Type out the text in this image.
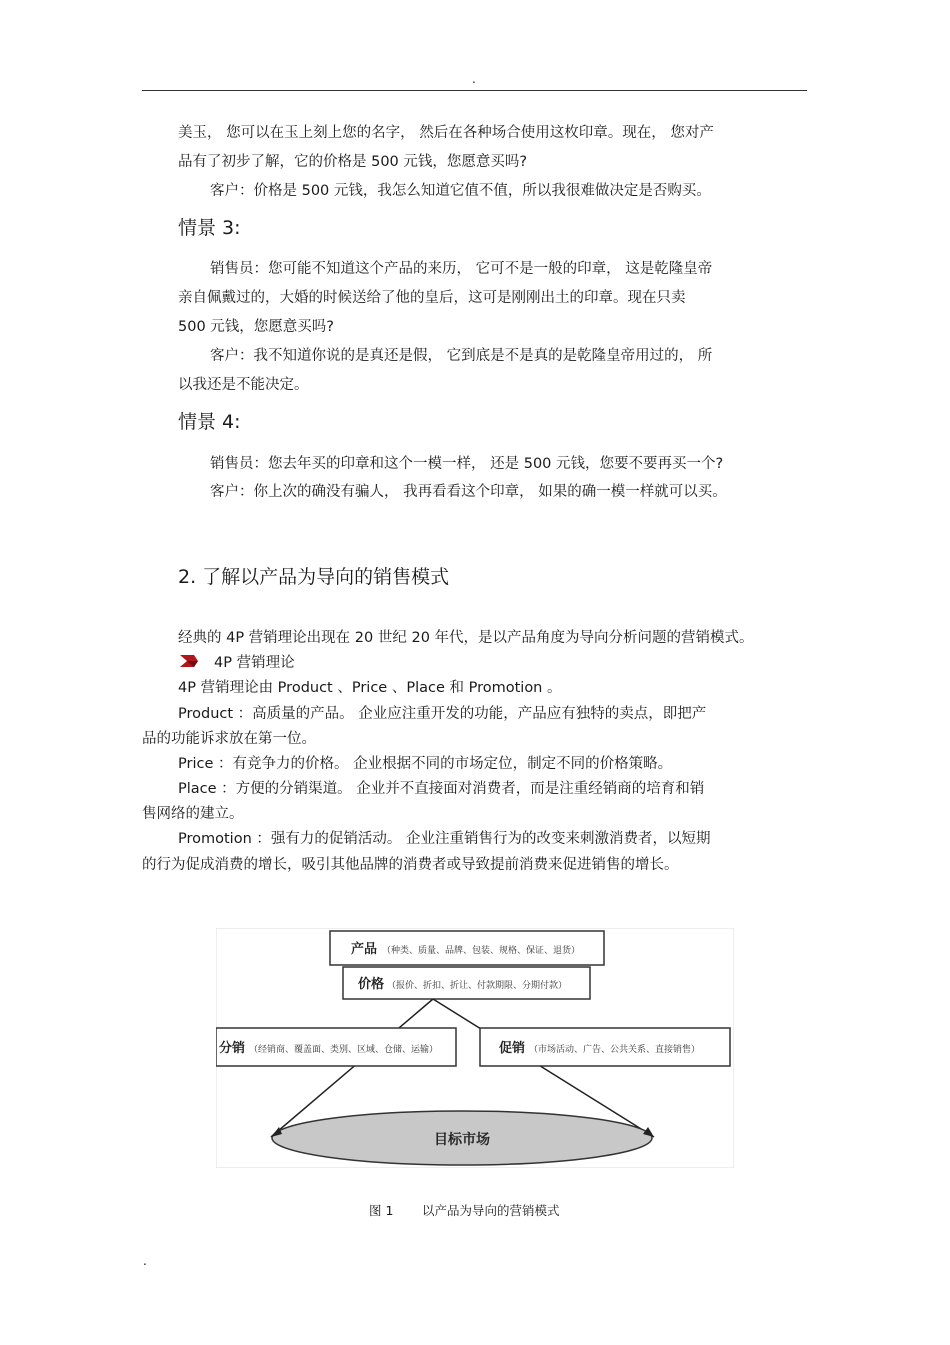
.
美玉， 您可以在玉上刻上您的名字， 然后在各种场合使用这枚印章。现在， 您对产
品有了初步了解，它的价格是 500 元钱，您愿意买吗?
客户：价格是 500 元钱，我怎么知道它值不值，所以我很难做决定是否购买。
情景 3:
销售员：您可能不知道这个产品的来历， 它可不是一般的印章， 这是乾隆皇帝
亲自佩戴过的，大婚的时候送给了他的皇后，这可是刚刚出土的印章。现在只卖
500 元钱，您愿意买吗?
客户：我不知道你说的是真还是假， 它到底是不是真的是乾隆皇帝用过的， 所
以我还是不能决定。
情景 4:
销售员：您去年买的印章和这个一模一样， 还是 500 元钱，您要不要再买一个?
客户：你上次的确没有骗人， 我再看看这个印章， 如果的确一模一样就可以买。
2. 了解以产品为导向的销售模式
经典的 4P 营销理论出现在 20 世纪 20 年代，是以产品角度为导向分析问题的营销模式。
4P 营销理论
4P 营销理论由 Product 、Price 、Place 和 Promotion 。
Product ：高质量的产品。 企业应注重开发的功能，产品应有独特的卖点，即把产
品的功能诉求放在第一位。
Price ：有竞争力的价格。 企业根据不同的市场定位，制定不同的价格策略。
Place ：方便的分销渠道。 企业并不直接面对消费者，而是注重经销商的培育和销
售网络的建立。
Promotion ：强有力的促销活动。 企业注重销售行为的改变来刺激消费者，以短期
的行为促成消费的增长，吸引其他品牌的消费者或导致提前消费来促进销售的增长。
产品 （种类、质量、品牌、包装、规格、保证、退货）
价格 （报价、折扣、折让、付款期限、分期付款）
分销 （经销商、覆盖面、类别、区域、仓储、运输）	促销 （市场活动、广告、公共关系、直接销售）
目标市场
图 1 以产品为导向的营销模式
.
